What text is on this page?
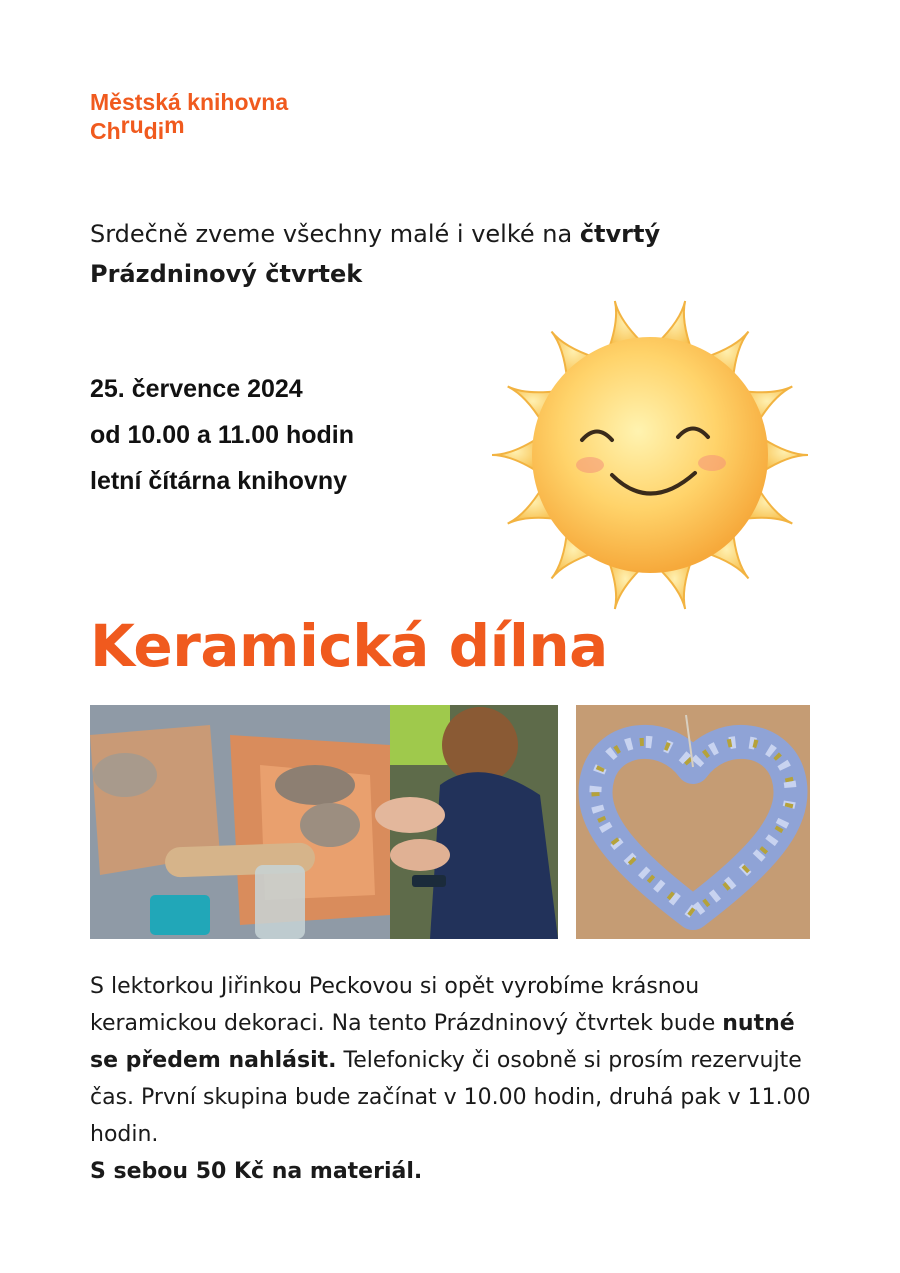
Městská knihovna
Chrudim
Srdečně zveme všechny malé i velké na čtvrtý
Prázdninový čtvrtek
25. července 2024
od 10.00 a 11.00 hodin
letní čítárna knihovny
Keramická dílna
S lektorkou Jiřinkou Peckovou si opět vyrobíme krásnou keramickou dekoraci. Na tento Prázdninový čtvrtek bude nutné se předem nahlásit. Telefonicky či osobně si prosím rezervujte čas. První skupina bude začínat v 10.00 hodin, druhá pak v 11.00 hodin.
S sebou 50 Kč na materiál.
